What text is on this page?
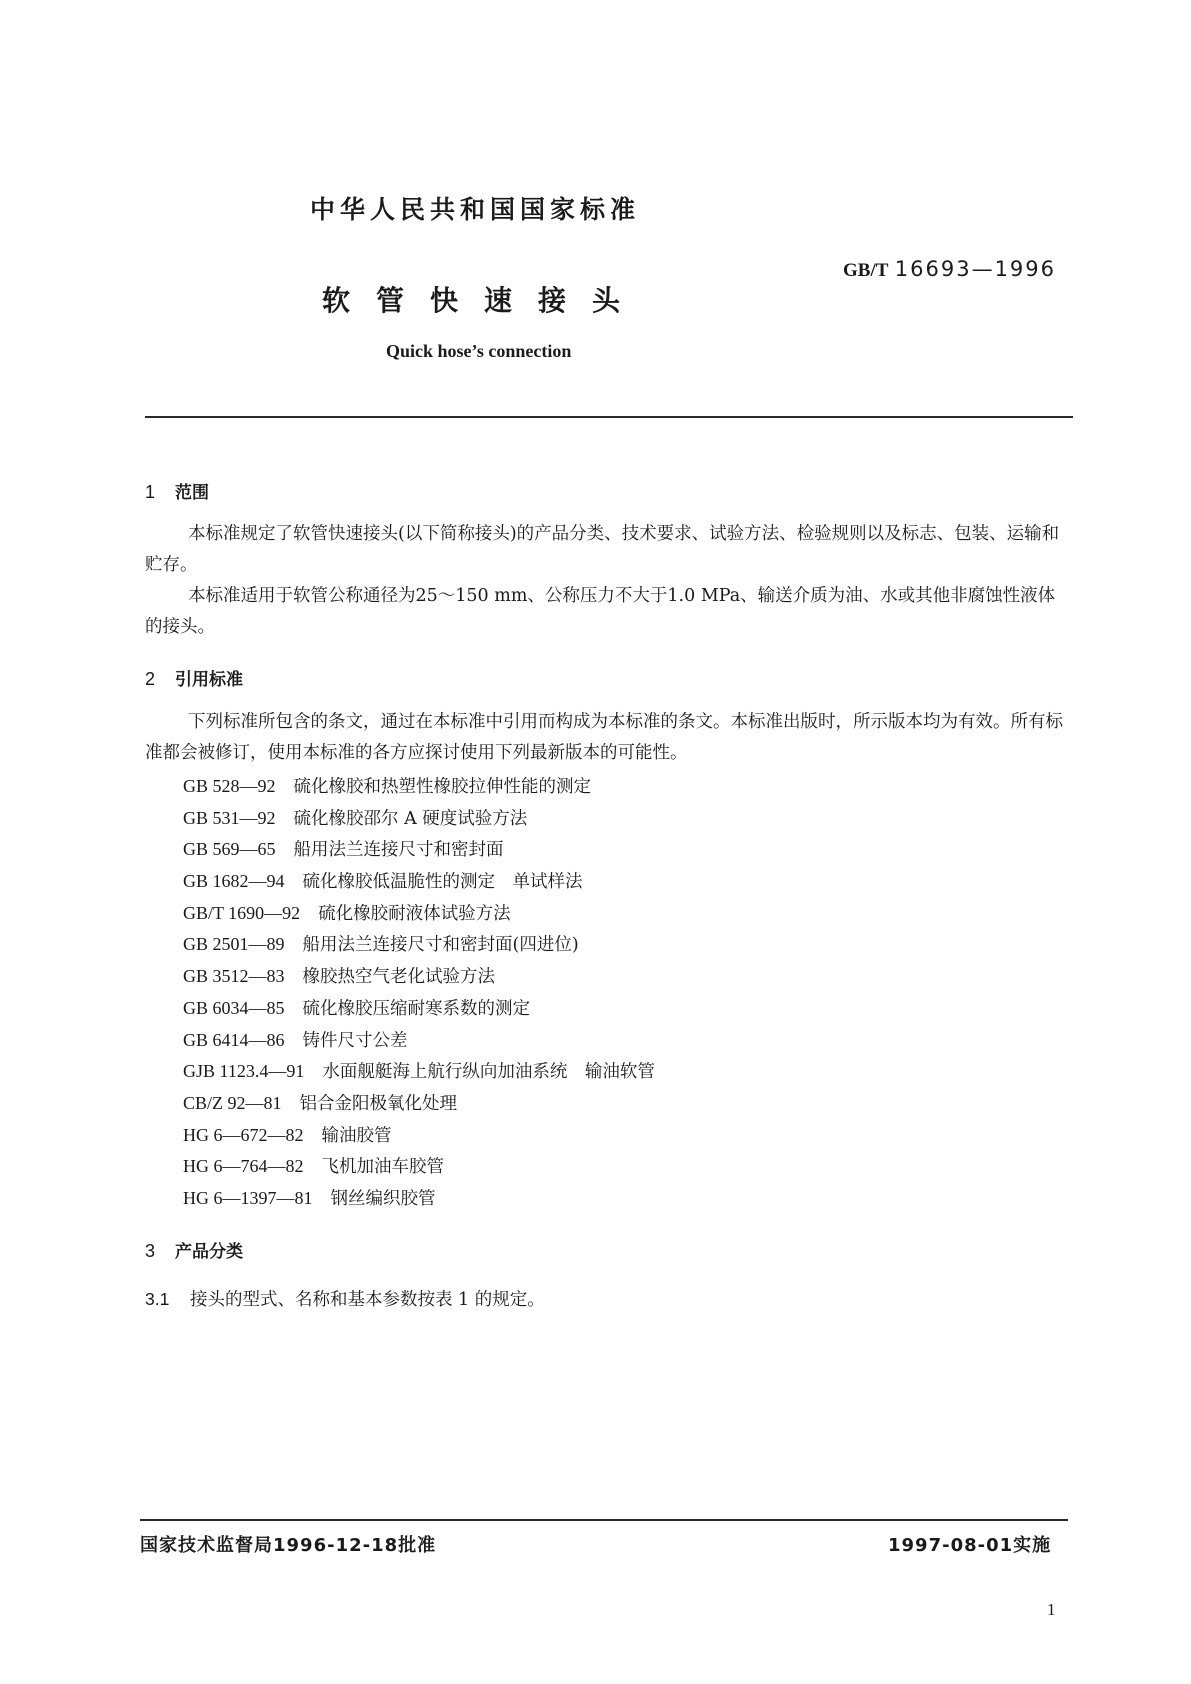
中华人民共和国国家标准
GB/T 16693—1996
软管快速接头
Quick hose’s connection
1 范围

本标准规定了软管快速接头(以下简称接头)的产品分类、技术要求、试验方法、检验规则以及标志、包装、运输和贮存。

本标准适用于软管公称通径为25～150 mm、公称压力不大于1.0 MPa、输送介质为油、水或其他非腐蚀性液体的接头。

2 引用标准

下列标准所包含的条文，通过在本标准中引用而构成为本标准的条文。本标准出版时，所示版本均为有效。所有标准都会被修订，使用本标准的各方应探讨使用下列最新版本的可能性。

GB 528—92 硫化橡胶和热塑性橡胶拉伸性能的测定
GB 531—92 硫化橡胶邵尔 A 硬度试验方法
GB 569—65 船用法兰连接尺寸和密封面
GB 1682—94 硫化橡胶低温脆性的测定　单试样法
GB/T 1690—92 硫化橡胶耐液体试验方法
GB 2501—89 船用法兰连接尺寸和密封面(四进位)
GB 3512—83 橡胶热空气老化试验方法
GB 6034—85 硫化橡胶压缩耐寒系数的测定
GB 6414—86 铸件尺寸公差
GJB 1123.4—91 水面舰艇海上航行纵向加油系统　输油软管
CB/Z 92—81 铝合金阳极氧化处理
HG 6—672—82 输油胶管
HG 6—764—82 飞机加油车胶管
HG 6—1397—81 钢丝编织胶管
3 产品分类
3.1 接头的型式、名称和基本参数按表 1 的规定。
国家技术监督局1996-12-18批准	1997-08-01实施
1
